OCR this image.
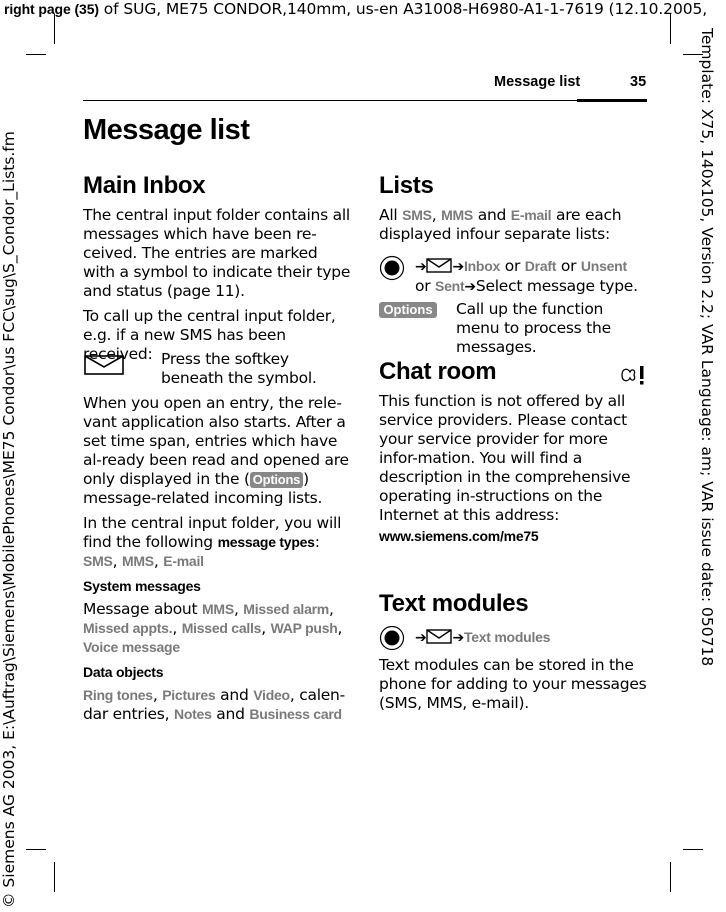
right page (35) of SUG, ME75 CONDOR,140mm, us-en A31008-H6980-A1-1-7619 (12.10.2005,
Template: X75, 140x105, Version 2.2; VAR Language: am; VAR issue date: 050718
© Siemens AG 2003, E:\Auftrag\Siemens\MobilePhones\ME75 Condor\us FCC\sug\S_Condor_Lists.fm
Message list	35
Message list
Main Inbox

The central input folder contains all messages which have been re-ceived. The entries are marked with a symbol to indicate their type and status (page 11).

To call up the central input folder, e.g. if a new SMS has been received: Press the softkey beneath the symbol.

When you open an entry, the rele-vant application also starts. After a set time span, entries which have al-ready been read and opened are only displayed in the ( Options ) message-related incoming lists.

In the central input folder, you will find the following message types:
SMS, MMS, E-mail

System messages

Message about MMS, Missed alarm,
Missed appts., Missed calls, WAP push,
Voice message

Data objects

Ring tones, Pictures and Video, calen-dar entries, Notes and Business card

Lists

All SMS, MMS and E-mail are each displayed infour separate lists:

➔ ➔Inbox or Draft or Unsent
or Sent➔Select message type.
Options Call up the function menu to process the messages.
Chat room

This function is not offered by all service providers. Please contact your service provider for more infor-mation. You will find a description in the comprehensive operating in-structions on the Internet at this address:

www.siemens.com/me75

Text modules
➔ ➔Text modules
Text modules can be stored in the phone for adding to your messages (SMS, MMS, e-mail).
